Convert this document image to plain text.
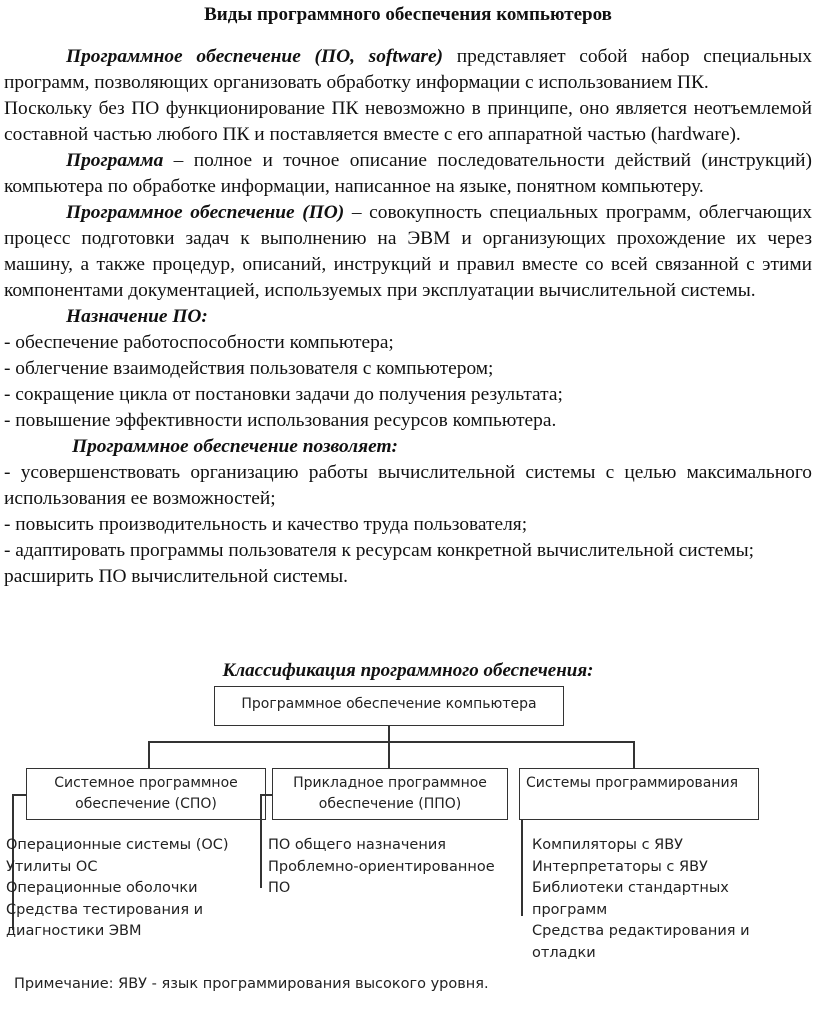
Виды программного обеспечения компьютеров

Программное обеспечение (ПО, software) представляет собой набор специальных программ, позволяющих организовать обработку информации с использованием ПК.

Поскольку без ПО функционирование ПК невозможно в принципе, оно является неотъемлемой составной частью любого ПК и поставляется вместе с его аппаратной частью (hardware).

Программа – полное и точное описание последовательности действий (инструкций) компьютера по обработке информации, написанное на языке, понятном компьютеру.

Программное обеспечение (ПО) – совокупность специальных программ, облегчающих процесс подготовки задач к выполнению на ЭВМ и организующих прохождение их через машину, а также процедур, описаний, инструкций и правил вместе со всей связанной с этими компонентами документацией, используемых при эксплуатации вычислительной системы.

Назначение ПО:

- обеспечение работоспособности компьютера;

- облегчение взаимодействия пользователя с компьютером;

- сокращение цикла от постановки задачи до получения результата;

- повышение эффективности использования ресурсов компьютера.

Программное обеспечение позволяет:

- усовершенствовать организацию работы вычислительной системы с целью максимального использования ее возможностей;

- повысить производительность и качество труда пользователя;

- адаптировать программы пользователя к ресурсам конкретной вычислительной системы;

расширить ПО вычислительной системы.

Классификация программного обеспечения:
Программное обеспечение компьютера
Системное программное
обеспечение (СПО)
Прикладное программное
обеспечение (ППО)
Системы программирования
Операционные системы (ОС)
Утилиты ОС
Операционные оболочки
Средства тестирования и
диагностики ЭВМ
ПО общего назначения
Проблемно-ориентированное
ПО
Компиляторы с ЯВУ
Интерпретаторы с ЯВУ
Библиотеки стандартных
программ
Средства редактирования и
отладки
Примечание: ЯВУ - язык программирования высокого уровня.
